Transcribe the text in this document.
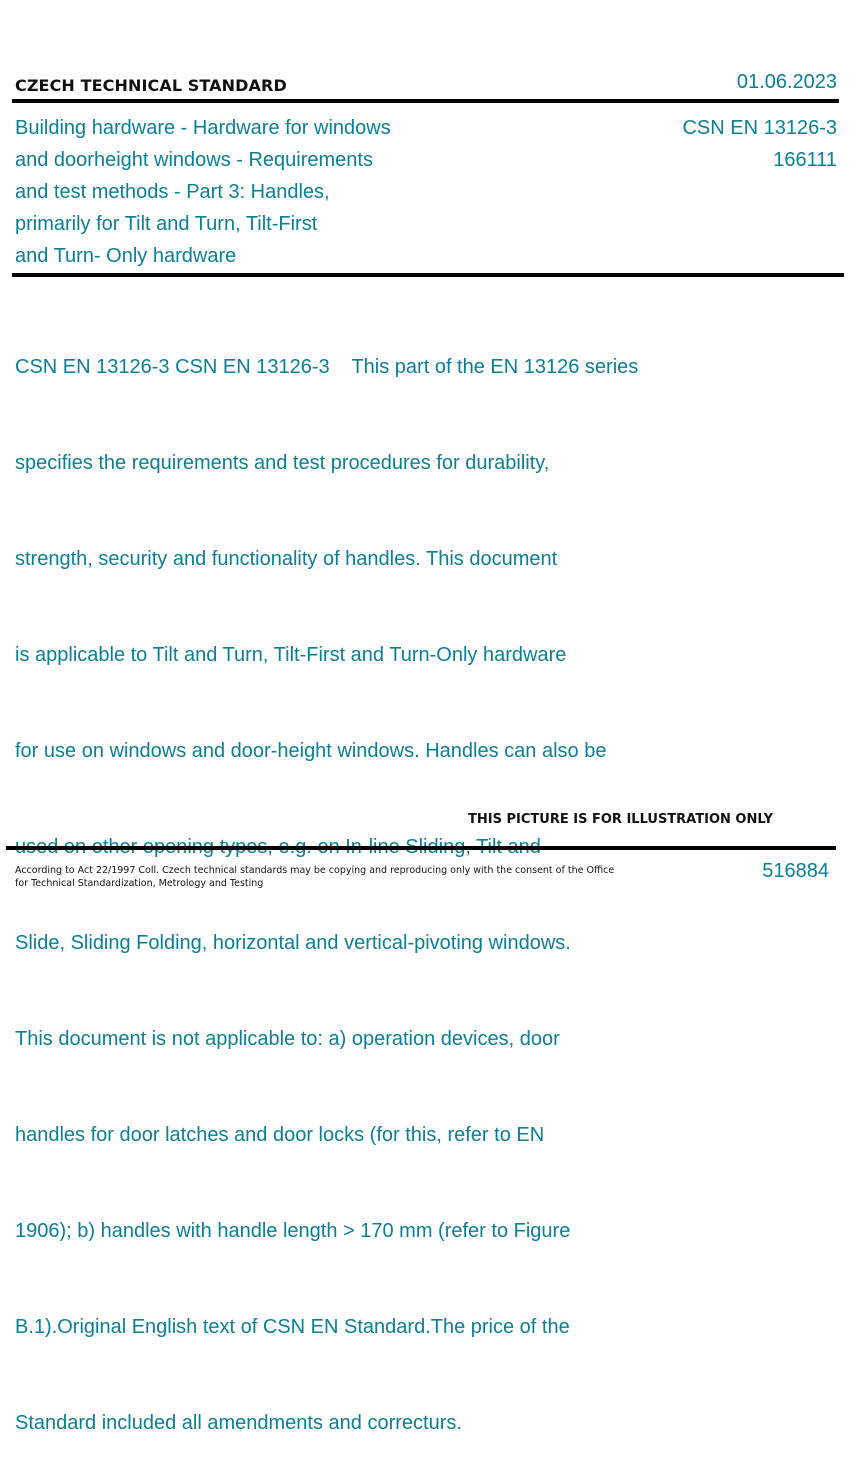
CZECH TECHNICAL STANDARD	01.06.2023
Building hardware - Hardware for windows
and doorheight windows - Requirements
and test methods - Part 3: Handles,
primarily for Tilt and Turn, Tilt-First
and Turn- Only hardware
CSN EN 13126-3
166111

CSN EN 13126-3 CSN EN 13126-3    This part of the EN 13126 series

specifies the requirements and test procedures for durability,

strength, security and functionality of handles. This document

is applicable to Tilt and Turn, Tilt-First and Turn-Only hardware

for use on windows and door-height windows. Handles can also be

Slide, Sliding Folding, horizontal and vertical-pivoting windows.

This document is not applicable to: a) operation devices, door

handles for door latches and door locks (for this, refer to EN

1906); b) handles with handle length > 170 mm (refer to Figure

B.1).Original English text of CSN EN Standard.The price of the

Standard included all amendments and correcturs.

THIS PICTURE IS FOR ILLUSTRATION ONLY
According to Act 22/1997 Coll. Czech technical standards may be copying and reproducing only with the consent of the Office
for Technical Standardization, Metrology and Testing
516884
